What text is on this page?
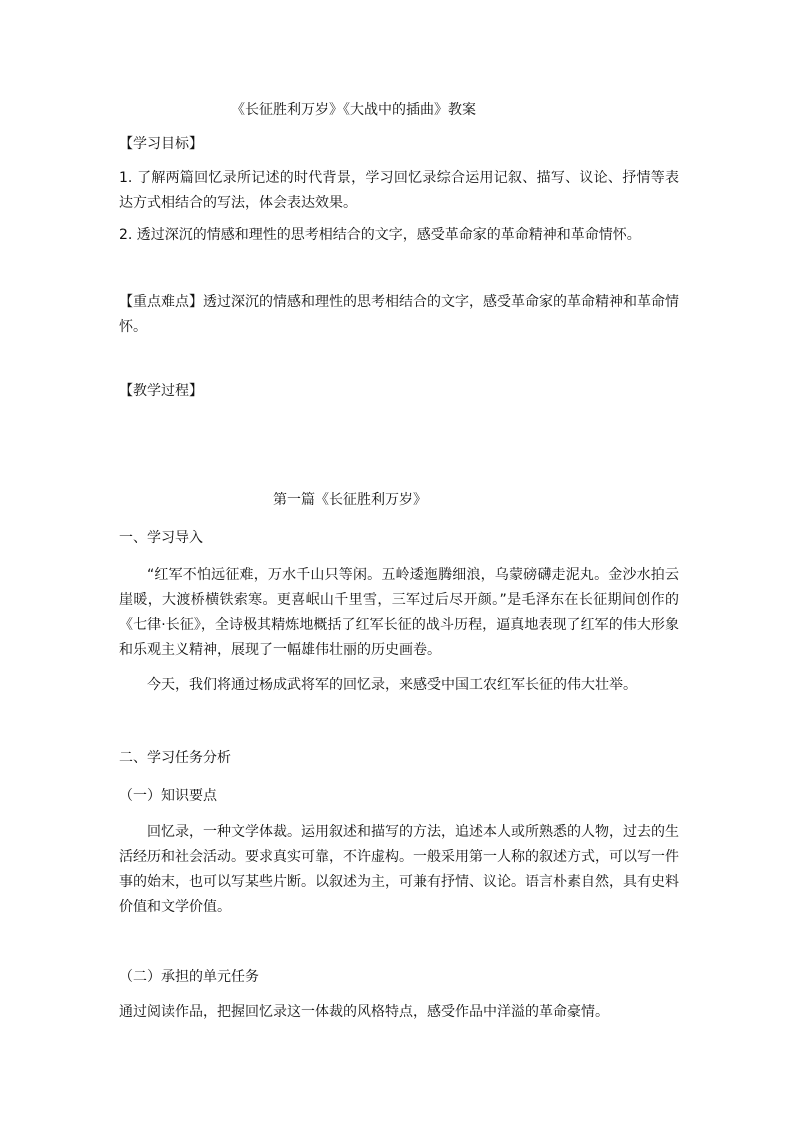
《长征胜利万岁》《大战中的插曲》教案
【学习目标】
1. 了解两篇回忆录所记述的时代背景，学习回忆录综合运用记叙、描写、议论、抒情等表达方式相结合的写法，体会表达效果。
2. 透过深沉的情感和理性的思考相结合的文字，感受革命家的革命精神和革命情怀。
【重点难点】透过深沉的情感和理性的思考相结合的文字，感受革命家的革命精神和革命情怀。
【教学过程】
第一篇《长征胜利万岁》
一、学习导入
“红军不怕远征难，万水千山只等闲。五岭逶迤腾细浪，乌蒙磅礴走泥丸。金沙水拍云崖暖，大渡桥横铁索寒。更喜岷山千里雪，三军过后尽开颜。”是毛泽东在长征期间创作的《七律·长征》，全诗极其精炼地概括了红军长征的战斗历程，逼真地表现了红军的伟大形象和乐观主义精神，展现了一幅雄伟壮丽的历史画卷。
今天，我们将通过杨成武将军的回忆录，来感受中国工农红军长征的伟大壮举。
二、学习任务分析
（一）知识要点
回忆录，一种文学体裁。运用叙述和描写的方法，追述本人或所熟悉的人物，过去的生活经历和社会活动。要求真实可靠，不许虚构。一般采用第一人称的叙述方式，可以写一件事的始末，也可以写某些片断。以叙述为主，可兼有抒情、议论。语言朴素自然，具有史料价值和文学价值。
（二）承担的单元任务
通过阅读作品，把握回忆录这一体裁的风格特点，感受作品中洋溢的革命豪情。
